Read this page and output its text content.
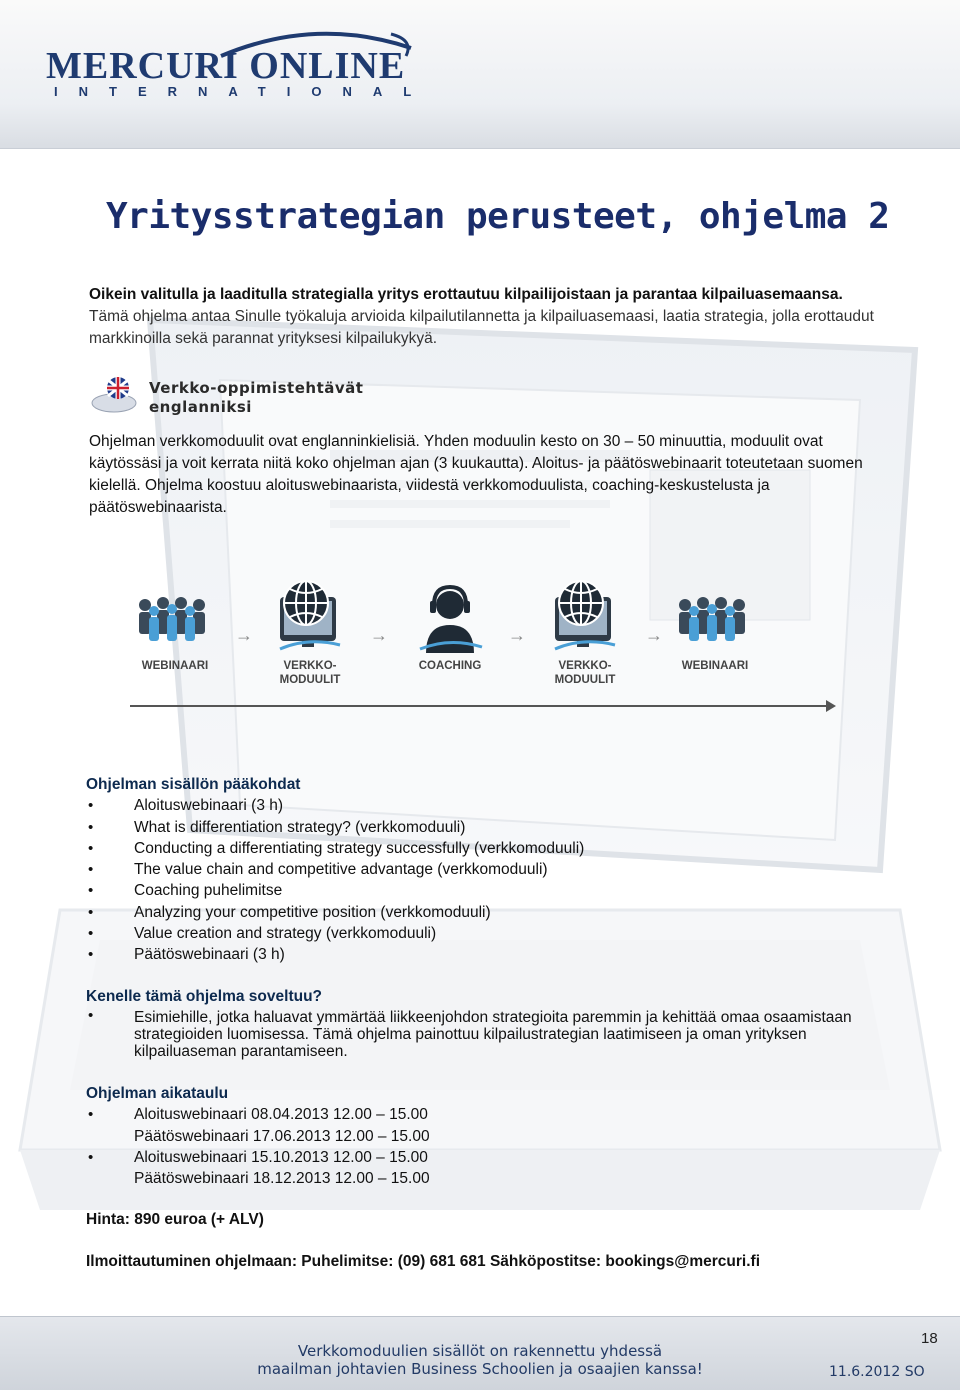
MERCURI ONLINE
INTERNATIONAL
Yritysstrategian perusteet, ohjelma 2
Oikein valitulla ja laaditulla strategialla yritys erottautuu kilpailijoistaan ja parantaa kilpailuasemaansa.
Tämä ohjelma antaa Sinulle työkaluja arvioida kilpailutilannetta ja kilpailuasemaasi, laatia strategia, jolla erottaudut markkinoilla sekä parannat yrityksesi kilpailukykyä.
Verkko-oppimistehtävät
englanniksi
Ohjelman verkkomoduulit ovat englanninkielisiä. Yhden moduulin kesto on 30 – 50 minuuttia, moduulit ovat käytössäsi ja voit kerrata niitä koko ohjelman ajan (3 kuukautta). Aloitus- ja päätöswebinaarit toteutetaan suomen kielellä. Ohjelma koostuu aloituswebinaarista, viidestä verkkomoduulista, coaching-keskustelusta ja päätöswebinaarista.
WEBINAARI
→
VERKKO-
MODUULIT
→
COACHING
→
VERKKO-
MODUULIT
→
WEBINAARI
Ohjelman sisällön pääkohdat
• Aloituswebinaari (3 h)
• What is differentiation strategy? (verkkomoduuli)
• Conducting a differentiating strategy successfully (verkkomoduuli)
• The value chain and competitive advantage (verkkomoduuli)
• Coaching puhelimitse
• Analyzing your competitive position (verkkomoduuli)
• Value creation and strategy (verkkomoduuli)
• Päätöswebinaari (3 h)
Kenelle tämä ohjelma soveltuu?
• Esimiehille, jotka haluavat ymmärtää liikkeenjohdon strategioita paremmin ja kehittää omaa osaamistaan strategioiden luomisessa. Tämä ohjelma painottuu kilpailustrategian laatimiseen ja oman yrityksen kilpailuaseman parantamiseen.
Ohjelman aikataulu
• Aloituswebinaari 08.04.2013 12.00 – 15.00
Päätöswebinaari 17.06.2013 12.00 – 15.00
• Aloituswebinaari 15.10.2013 12.00 – 15.00
Päätöswebinaari 18.12.2013 12.00 – 15.00
Hinta: 890 euroa (+ ALV)
Ilmoittautuminen ohjelmaan: Puhelimitse: (09) 681 681 Sähköpostitse: bookings@mercuri.fi
18
Verkkomoduulien sisällöt on rakennettu yhdessä
maailman johtavien Business Schoolien ja osaajien kanssa!	11.6.2012 SO
